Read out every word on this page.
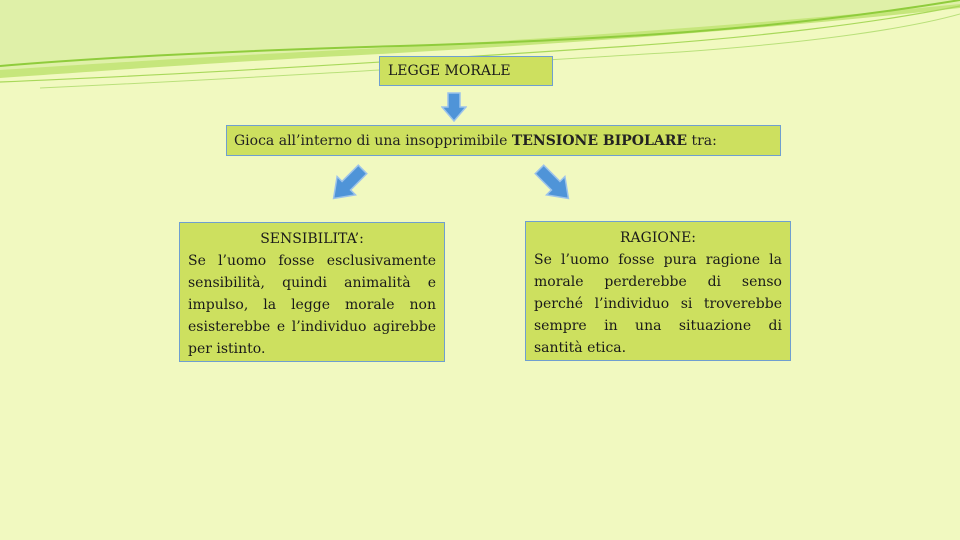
LEGGE MORALE
Gioca all’interno di una insopprimibile TENSIONE BIPOLARE tra:
SENSIBILITA’:
Se l’uomo fosse esclusivamente sensibilità, quindi animalità e impulso, la legge morale non esisterebbe e l’individuo agirebbe per istinto.
RAGIONE:
Se l’uomo fosse pura ragione la morale perderebbe di senso perché l’individuo si troverebbe sempre in una situazione di santità etica.
